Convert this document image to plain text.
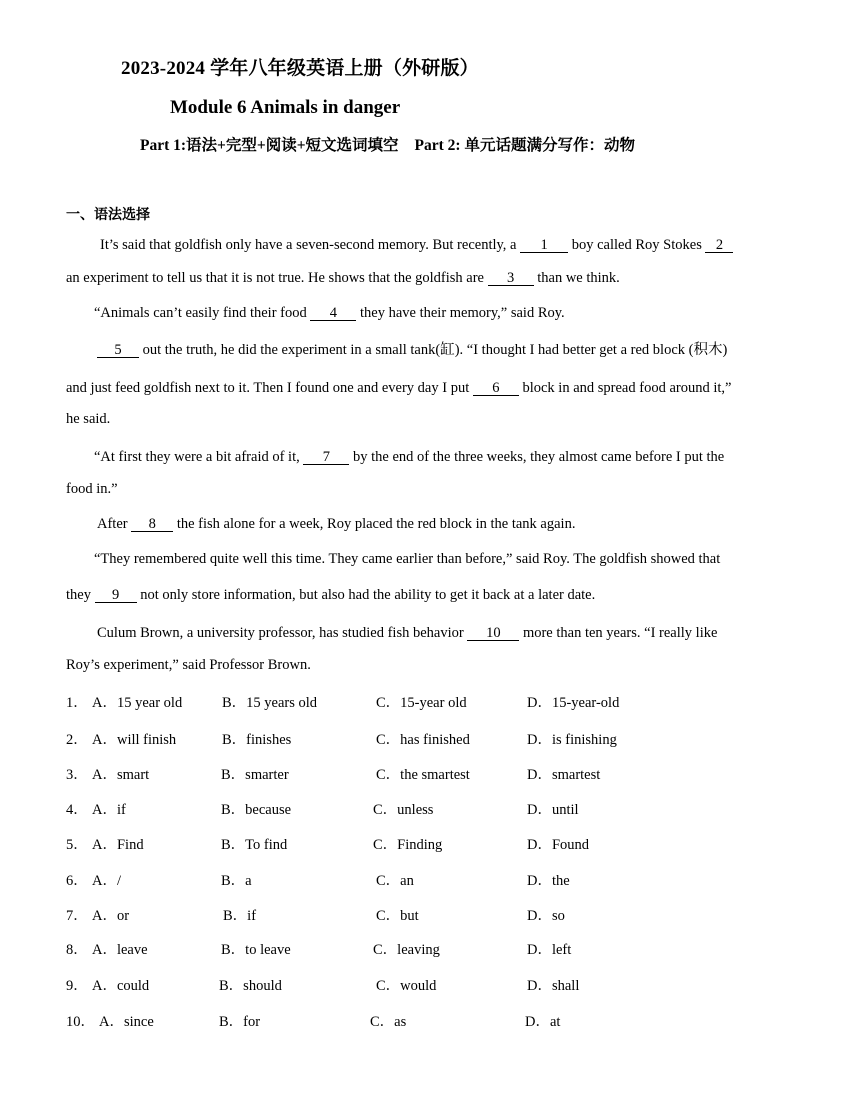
2023-2024 学年八年级英语上册（外研版）
Module 6 Animals in danger
Part 1:语法+完型+阅读+短文选词填空 Part 2: 单元话题满分写作：动物
一、语法选择
It’s said that goldfish only have a seven-second memory. But recently, a 1 boy called Roy Stokes 2
an experiment to tell us that it is not true. He shows that the goldfish are 3 than we think.
“Animals can’t easily find their food 4 they have their memory,” said Roy.
5 out the truth, he did the experiment in a small tank(缸). “I thought I had better get a red block (积木)
and just feed goldfish next to it. Then I found one and every day I put 6 block in and spread food around it,”
he said.
“At first they were a bit afraid of it, 7 by the end of the three weeks, they almost came before I put the
food in.”
After 8 the fish alone for a week, Roy placed the red block in the tank again.
“They remembered quite well this time. They came earlier than before,” said Roy. The goldfish showed that
they 9 not only store information, but also had the ability to get it back at a later date.
Culum Brown, a university professor, has studied fish behavior 10 more than ten years. “I really like
Roy’s experiment,” said Professor Brown.
1． A．15 year old	B．15 years old	C．15-year old	D．15-year-old
2． A．will finish	B．finishes	C．has finished	D．is finishing
3． A．smart	B．smarter	C．the smartest	D．smartest
4． A．if	B．because	C．unless	D．until
5． A．Find	B．To find	C．Finding	D．Found
6． A．/	B．a	C．an	D．the
7． A．or	B．if	C．but	D．so
8． A．leave	B．to leave	C．leaving	D．left
9． A．could	B．should	C．would	D．shall
10． A．since	B．for	C．as	D．at
